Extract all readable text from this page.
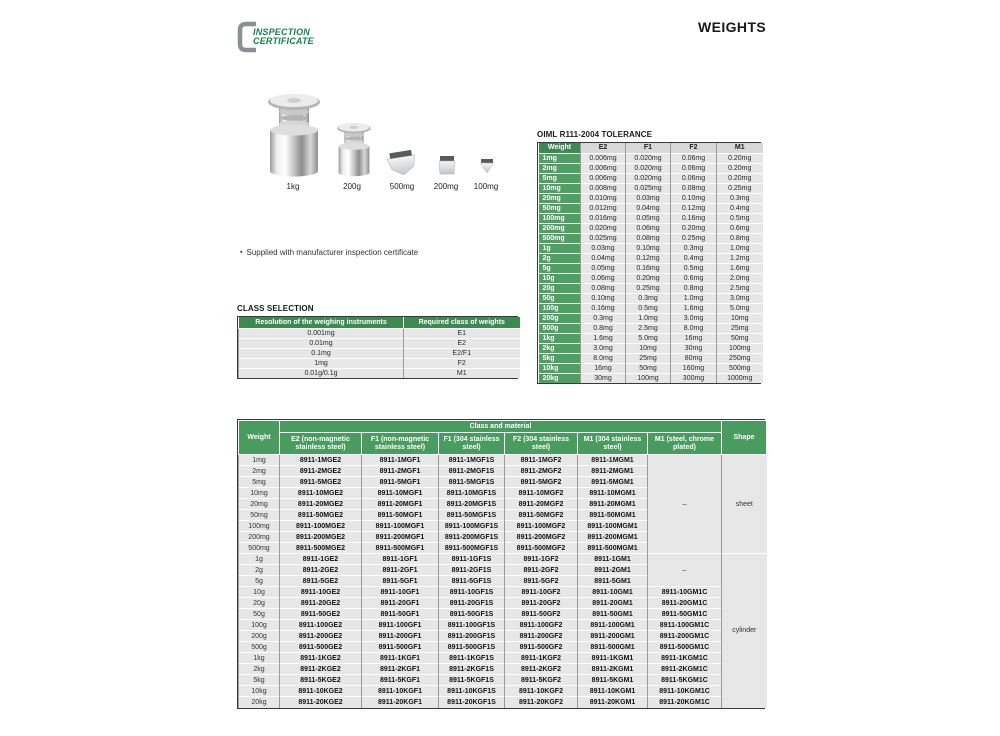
INSPECTION
CERTIFICATE
WEIGHTS
1kg	200g	500mg 200mg 100mg
▪ Supplied with manufacturer inspection certificate
OIML R111-2004 TOLERANCE
Weight	E2	F1	F2	M1
1mg	0.006mg	0.020mg	0.06mg	0.20mg
2mg	0.006mg	0.020mg	0.06mg	0.20mg
5mg	0.006mg	0.020mg	0.06mg	0.20mg
10mg	0.008mg	0.025mg	0.08mg	0.25mg
20mg	0.010mg	0.03mg	0.10mg	0.3mg
50mg	0.012mg	0.04mg	0.12mg	0.4mg
100mg	0.016mg	0.05mg	0.16mg	0.5mg
200mg	0.020mg	0.06mg	0.20mg	0.6mg
500mg	0.025mg	0.08mg	0.25mg	0.8mg
1g	0.03mg	0.10mg	0.3mg	1.0mg
2g	0.04mg	0.12mg	0.4mg	1.2mg
5g	0.05mg	0.16mg	0.5mg	1.6mg
10g	0.06mg	0.20mg	0.6mg	2.0mg
20g	0.08mg	0.25mg	0.8mg	2.5mg
50g	0.10mg	0.3mg	1.0mg	3.0mg
100g	0.16mg	0.5mg	1.6mg	5.0mg
200g	0.3mg	1.0mg	3.0mg	10mg
500g	0.8mg	2.5mg	8.0mg	25mg
1kg	1.6mg	5.0mg	16mg	50mg
2kg	3.0mg	10mg	30mg	100mg
5kg	8.0mg	25mg	80mg	250mg
10kg	16mg	50mg	160mg	500mg
20kg	30mg	100mg	300mg	1000mg
CLASS SELECTION
Resolution of the weighing instruments	Required class of weights
0.001mg	E1
0.01mg	E2
0.1mg	E2/F1
1mg	F2
0.01g/0.1g	M1
Weight	Class and material						Shape
	E2 (non-magnetic stainless steel)	F1 (non-magnetic stainless steel)	F1 (304 stainless steel)	F2 (304 stainless steel)	M1 (304 stainless steel)	M1 (steel, chrome plated)	
1mg	8911-1MGE2	8911-1MGF1	8911-1MGF1S	8911-1MGF2	8911-1MGM1	–	sheet
2mg	8911-2MGE2	8911-2MGF1	8911-2MGF1S	8911-2MGF2	8911-2MGM1		
5mg	8911-5MGE2	8911-5MGF1	8911-5MGF1S	8911-5MGF2	8911-5MGM1		
10mg	8911-10MGE2	8911-10MGF1	8911-10MGF1S	8911-10MGF2	8911-10MGM1		
20mg	8911-20MGE2	8911-20MGF1	8911-20MGF1S	8911-20MGF2	8911-20MGM1		
50mg	8911-50MGE2	8911-50MGF1	8911-50MGF1S	8911-50MGF2	8911-50MGM1		
100mg	8911-100MGE2	8911-100MGF1	8911-100MGF1S	8911-100MGF2	8911-100MGM1		
200mg	8911-200MGE2	8911-200MGF1	8911-200MGF1S	8911-200MGF2	8911-200MGM1		
500mg	8911-500MGE2	8911-500MGF1	8911-500MGF1S	8911-500MGF2	8911-500MGM1		
1g	8911-1GE2	8911-1GF1	8911-1GF1S	8911-1GF2	8911-1GM1	–	cylinder
2g	8911-2GE2	8911-2GF1	8911-2GF1S	8911-2GF2	8911-2GM1		
5g	8911-5GE2	8911-5GF1	8911-5GF1S	8911-5GF2	8911-5GM1		
10g	8911-10GE2	8911-10GF1	8911-10GF1S	8911-10GF2	8911-10GM1	8911-10GM1C	
20g	8911-20GE2	8911-20GF1	8911-20GF1S	8911-20GF2	8911-20GM1	8911-20GM1C	
50g	8911-50GE2	8911-50GF1	8911-50GF1S	8911-50GF2	8911-50GM1	8911-50GM1C	
100g	8911-100GE2	8911-100GF1	8911-100GF1S	8911-100GF2	8911-100GM1	8911-100GM1C	
200g	8911-200GE2	8911-200GF1	8911-200GF1S	8911-200GF2	8911-200GM1	8911-200GM1C	
500g	8911-500GE2	8911-500GF1	8911-500GF1S	8911-500GF2	8911-500GM1	8911-500GM1C	
1kg	8911-1KGE2	8911-1KGF1	8911-1KGF1S	8911-1KGF2	8911-1KGM1	8911-1KGM1C	
2kg	8911-2KGE2	8911-2KGF1	8911-2KGF1S	8911-2KGF2	8911-2KGM1	8911-2KGM1C	
5kg	8911-5KGE2	8911-5KGF1	8911-5KGF1S	8911-5KGF2	8911-5KGM1	8911-5KGM1C	
10kg	8911-10KGE2	8911-10KGF1	8911-10KGF1S	8911-10KGF2	8911-10KGM1	8911-10KGM1C	
20kg	8911-20KGE2	8911-20KGF1	8911-20KGF1S	8911-20KGF2	8911-20KGM1	8911-20KGM1C	
